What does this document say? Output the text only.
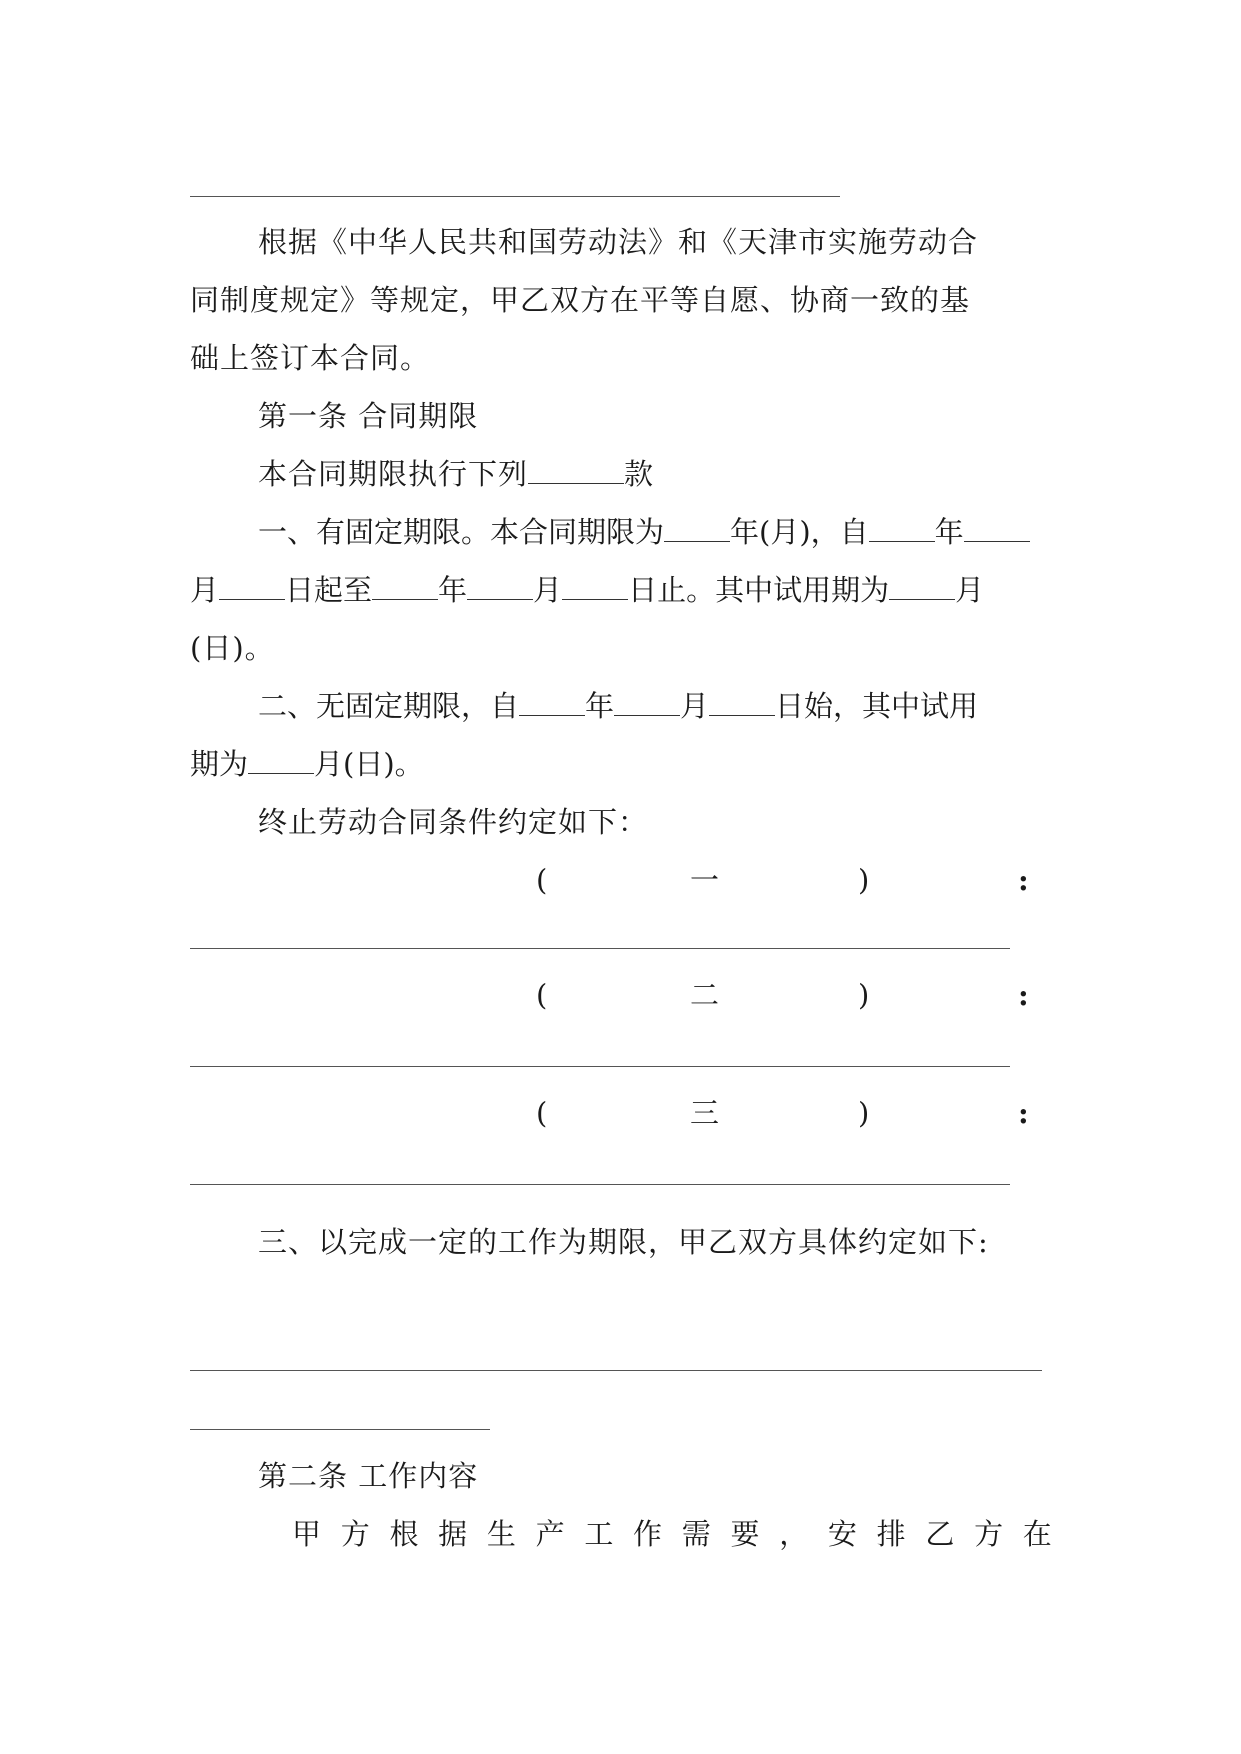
根据《中华人民共和国劳动法》和《天津市实施劳动合
同制度规定》等规定，甲乙双方在平等自愿、协商一致的基
础上签订本合同。
第一条 合同期限
本合同期限执行下列	款
一、有固定期限。本合同期限为 年(月)，自 年
月 日起至 年 月 日止。其中试用期为 月
(日)。
二、无固定期限，自 年 月 日始，其中试用
期为 月(日)。
终止劳动合同条件约定如下：
(	一	)	:
(	二	)	:
(	三	)	:
三、以完成一定的工作为期限，甲乙双方具体约定如下:
第二条 工作内容
甲 方 根 据 生 产 工 作 需 要 ， 安 排 乙 方 在
